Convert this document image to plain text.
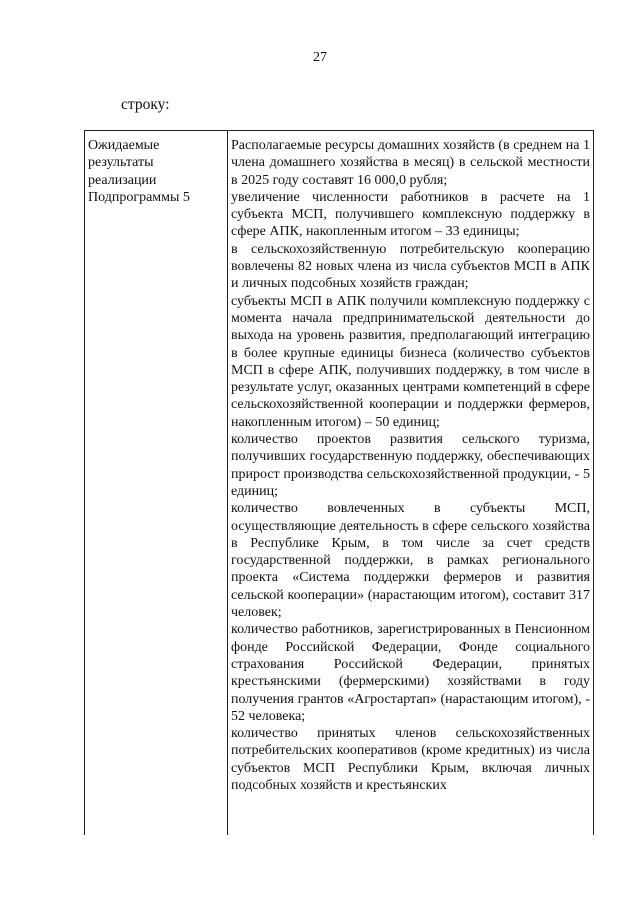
27
строку:
Ожидаемые результаты реализации Подпрограммы 5

Располагаемые ресурсы домашних хозяйств (в среднем на 1 члена домашнего хозяйства в месяц) в сельской местности в 2025 году составят 16 000,0 рубля;

увеличение численности работников в расчете на 1 субъекта МСП, получившего комплексную поддержку в сфере АПК, накопленным итогом – 33 единицы;

в сельскохозяйственную потребительскую кооперацию вовлечены 82 новых члена из числа субъектов МСП в АПК и личных подсобных хозяйств граждан;

субъекты МСП в АПК получили комплексную поддержку с момента начала предпринимательской деятельности до выхода на уровень развития, предполагающий интеграцию в более крупные единицы бизнеса (количество субъектов МСП в сфере АПК, получивших поддержку, в том числе в результате услуг, оказанных центрами компетенций в сфере сельскохозяйственной кооперации и поддержки фермеров, накопленным итогом) – 50 единиц;

количество проектов развития сельского туризма, получивших государственную поддержку, обеспечивающих прирост производства сельскохозяйственной продукции, - 5 единиц;

количество вовлеченных в субъекты МСП, осуществляющие деятельность в сфере сельского хозяйства в Республике Крым, в том числе за счет средств государственной поддержки, в рамках регионального проекта «Система поддержки фермеров и развития сельской кооперации» (нарастающим итогом), составит 317 человек;

количество работников, зарегистрированных в Пенсионном фонде Российской Федерации, Фонде социального страхования Российской Федерации, принятых крестьянскими (фермерскими) хозяйствами в году получения грантов «Агростартап» (нарастающим итогом), - 52 человека;

количество принятых членов сельскохозяйственных потребительских кооперативов (кроме кредитных) из числа субъектов МСП Республики Крым, включая личных подсобных хозяйств и крестьянских
